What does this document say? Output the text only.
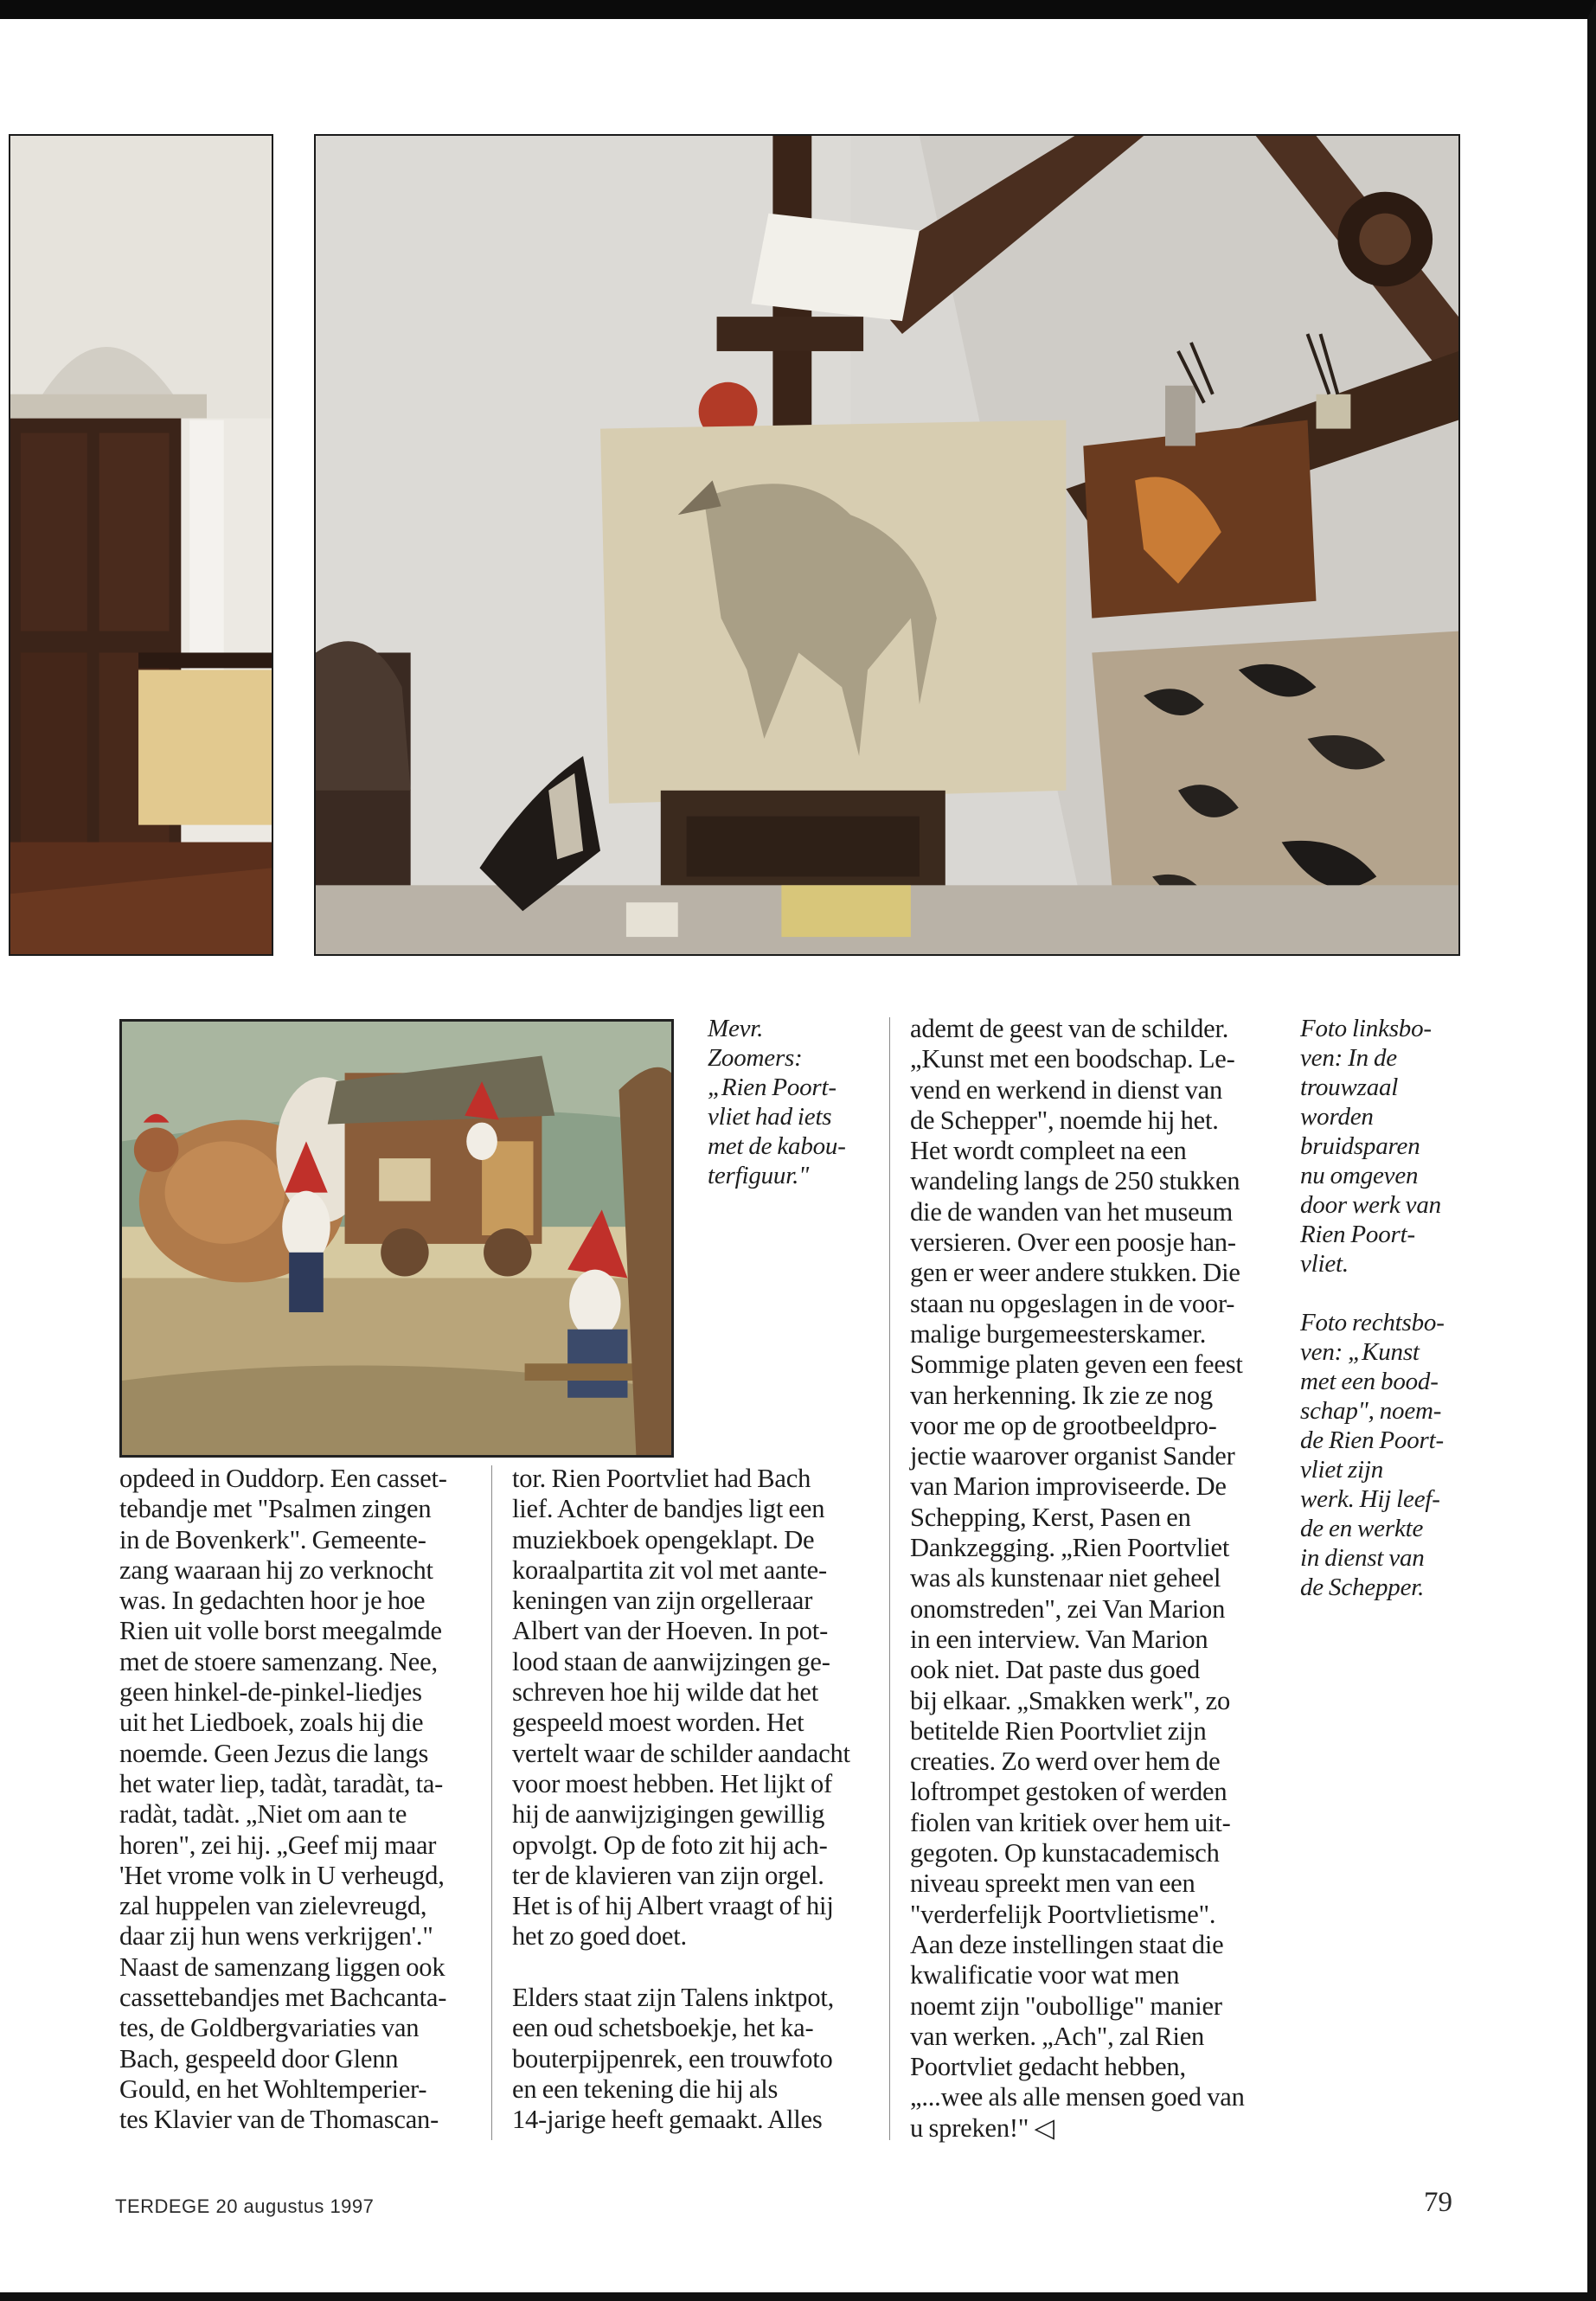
Mevr.
Zoomers:
„Rien Poort-
vliet had iets
met de kabou-
terfiguur."
Foto linksbo-
ven: In de
trouwzaal
worden
bruidsparen
nu omgeven
door werk van
Rien Poort-
vliet.

Foto rechtsbo-
ven: „Kunst
met een bood-
schap", noem-
de Rien Poort-
vliet zijn
werk. Hij leef-
de en werkte
in dienst van
de Schepper.
opdeed in Ouddorp. Een casset-
tebandje met "Psalmen zingen
in de Bovenkerk". Gemeente-
zang waaraan hij zo verknocht
was. In gedachten hoor je hoe
Rien uit volle borst meegalmde
met de stoere samenzang. Nee,
geen hinkel-de-pinkel-liedjes
uit het Liedboek, zoals hij die
noemde. Geen Jezus die langs
het water liep, tadàt, taradàt, ta-
radàt, tadàt. „Niet om aan te
horen", zei hij. „Geef mij maar
'Het vrome volk in U verheugd,
zal huppelen van zielevreugd,
daar zij hun wens verkrijgen'."
Naast de samenzang liggen ook
cassettebandjes met Bachcanta-
tes, de Goldbergvariaties van
Bach, gespeeld door Glenn
Gould, en het Wohltemperier-
tes Klavier van de Thomascan-
tor. Rien Poortvliet had Bach
lief. Achter de bandjes ligt een
muziekboek opengeklapt. De
koraalpartita zit vol met aante-
keningen van zijn orgelleraar
Albert van der Hoeven. In pot-
lood staan de aanwijzingen ge-
schreven hoe hij wilde dat het
gespeeld moest worden. Het
vertelt waar de schilder aandacht
voor moest hebben. Het lijkt of
hij de aanwijzigingen gewillig
opvolgt. Op de foto zit hij ach-
ter de klavieren van zijn orgel.
Het is of hij Albert vraagt of hij
het zo goed doet.

Elders staat zijn Talens inktpot,
een oud schetsboekje, het ka-
bouterpijpenrek, een trouwfoto
en een tekening die hij als
14-jarige heeft gemaakt. Alles
ademt de geest van de schilder.
„Kunst met een boodschap. Le-
vend en werkend in dienst van
de Schepper", noemde hij het.
Het wordt compleet na een
wandeling langs de 250 stukken
die de wanden van het museum
versieren. Over een poosje han-
gen er weer andere stukken. Die
staan nu opgeslagen in de voor-
malige burgemeesterskamer.
Sommige platen geven een feest
van herkenning. Ik zie ze nog
voor me op de grootbeeldpro-
jectie waarover organist Sander
van Marion improviseerde. De
Schepping, Kerst, Pasen en
Dankzegging. „Rien Poortvliet
was als kunstenaar niet geheel
onomstreden", zei Van Marion
in een interview. Van Marion
ook niet. Dat paste dus goed
bij elkaar. „Smakken werk", zo
betitelde Rien Poortvliet zijn
creaties. Zo werd over hem de
loftrompet gestoken of werden
fiolen van kritiek over hem uit-
gegoten. Op kunstacademisch
niveau spreekt men van een
"verderfelijk Poortvlietisme".
Aan deze instellingen staat die
kwalificatie voor wat men
noemt zijn "oubollige" manier
van werken. „Ach", zal Rien
Poortvliet gedacht hebben,
„...wee als alle mensen goed van
u spreken!" ◁
TERDEGE 20 augustus 1997	79
